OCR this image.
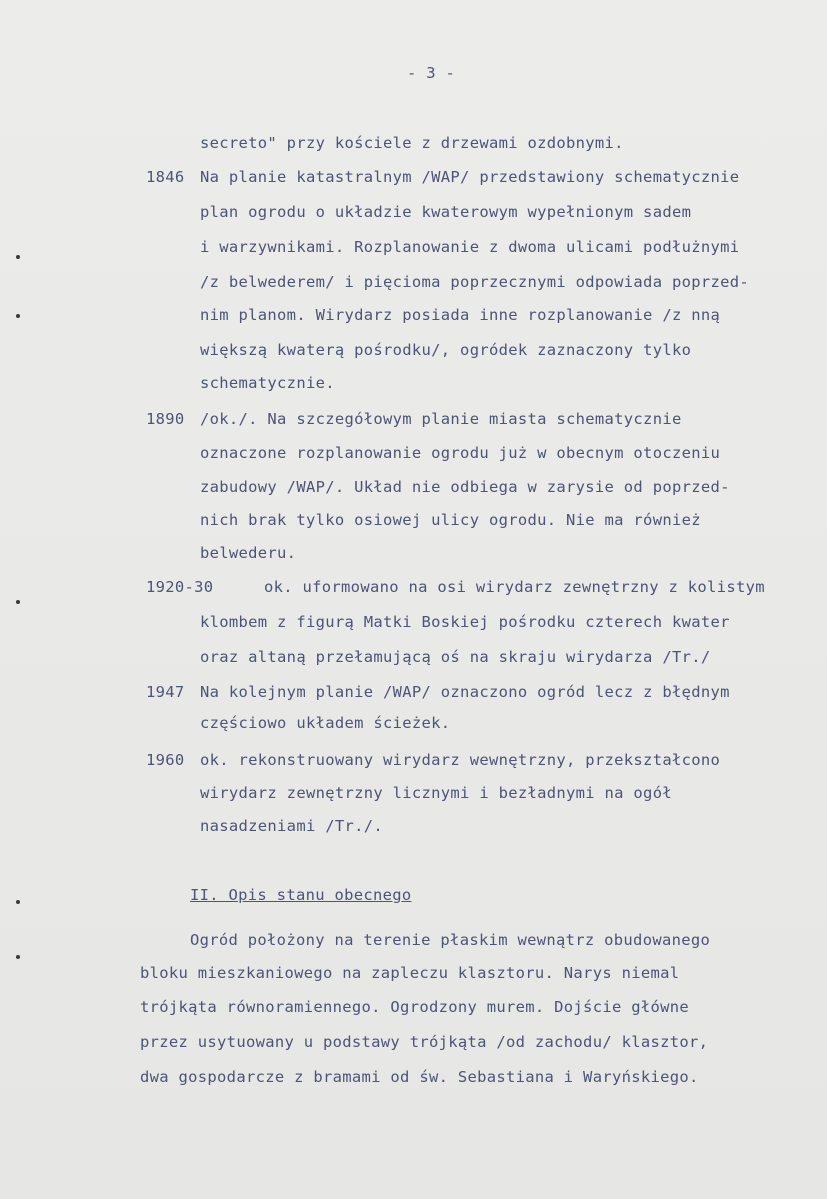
- 3 -
secreto" przy kościele z drzewami ozdobnymi.
1846 Na planie katastralnym /WAP/ przedstawiony schematycznie
plan ogrodu o układzie kwaterowym wypełnionym sadem
i warzywnikami. Rozplanowanie z dwoma ulicami podłużnymi
/z belwederem/ i pięcioma poprzecznymi odpowiada poprzed-
nim planom. Wirydarz posiada inne rozplanowanie /z nną
większą kwaterą pośrodku/, ogródek zaznaczony tylko
schematycznie.
1890 /ok./. Na szczegółowym planie miasta schematycznie
oznaczone rozplanowanie ogrodu już w obecnym otoczeniu
zabudowy /WAP/. Układ nie odbiega w zarysie od poprzed-
nich brak tylko osiowej ulicy ogrodu. Nie ma również
belwederu.
1920-30	ok. uformowano na osi wirydarz zewnętrzny z kolistym
klombem z figurą Matki Boskiej pośrodku czterech kwater
oraz altaną przełamującą oś na skraju wirydarza /Tr./
1947 Na kolejnym planie /WAP/ oznaczono ogród lecz z błędnym
częściowo układem ścieżek.
1960 ok. rekonstruowany wirydarz wewnętrzny, przekształcono
wirydarz zewnętrzny licznymi i bezładnymi na ogół
nasadzeniami /Tr./.
II. Opis stanu obecnego
Ogród położony na terenie płaskim wewnątrz obudowanego
bloku mieszkaniowego na zapleczu klasztoru. Narys niemal
trójkąta równoramiennego. Ogrodzony murem. Dojście główne
przez usytuowany u podstawy trójkąta /od zachodu/ klasztor,
dwa gospodarcze z bramami od św. Sebastiana i Waryńskiego.
